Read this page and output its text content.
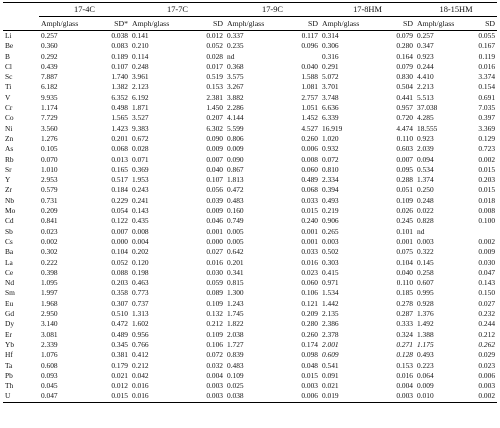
	17-4C		17-7C		17-9C		17-8HM		18-15HM	
	Amph/glass	SD*	Amph/glass	SD	Amph/glass	SD	Amph/glass	SD	Amph/glass	SD
Li	0.257	0.038	0.141	0.012	0.337	0.117	0.314	0.079	0.257	0.055
Be	0.360	0.083	0.210	0.052	0.235	0.096	0.306	0.280	0.347	0.167
B	0.292	0.189	0.114	0.028	nd		0.316	0.164	0.923	0.119
Cl	0.439	0.107	0.248	0.017	0.368	0.040	0.291	0.079	0.244	0.016
Sc	7.887	1.740	3.961	0.519	3.575	1.588	5.072	0.830	4.410	3.374
Ti	6.182	1.382	2.123	0.153	3.267	1.081	3.701	0.504	2.213	0.154
V	9.935	6.352	6.192	2.381	3.882	2.757	3.748	0.441	5.513	0.691
Cr	1.174	0.498	1.871	1.450	2.286	1.051	6.636	0.957	37.038	7.035
Co	7.729	1.565	3.527	0.207	4.144	1.452	6.339	0.720	4.285	0.397
Ni	3.560	1.423	9.383	6.302	5.599	4.527	16.919	4.474	18.555	3.369
Zn	1.276	0.201	0.672	0.090	0.806	0.260	1.020	0.110	0.923	0.129
As	0.105	0.068	0.028	0.009	0.009	0.006	0.932	0.603	2.039	0.723
Rb	0.070	0.013	0.071	0.007	0.090	0.008	0.072	0.007	0.094	0.002
Sr	1.010	0.165	0.369	0.040	0.867	0.060	0.810	0.095	0.534	0.015
Y	2.953	0.517	1.953	0.107	1.813	0.489	2.334	0.288	1.374	0.203
Zr	0.579	0.184	0.243	0.056	0.472	0.068	0.394	0.051	0.250	0.015
Nb	0.731	0.229	0.241	0.039	0.483	0.033	0.493	0.109	0.248	0.018
Mo	0.209	0.054	0.143	0.009	0.160	0.015	0.219	0.026	0.022	0.008
Cd	0.841	0.122	0.435	0.046	0.749	0.240	0.906	0.245	0.828	0.100
Sb	0.023	0.007	0.008	0.001	0.005	0.001	0.265	0.101	nd	
Cs	0.002	0.000	0.004	0.000	0.005	0.001	0.003	0.001	0.003	0.002
Ba	0.302	0.104	0.202	0.027	0.642	0.033	0.502	0.075	0.322	0.009
La	0.222	0.052	0.120	0.016	0.201	0.016	0.303	0.104	0.145	0.030
Ce	0.398	0.088	0.198	0.030	0.341	0.023	0.415	0.040	0.258	0.047
Nd	1.095	0.203	0.463	0.059	0.815	0.060	0.971	0.110	0.607	0.143
Sm	1.997	0.358	0.773	0.089	1.300	0.106	1.534	0.185	0.995	0.150
Eu	1.968	0.307	0.737	0.109	1.243	0.121	1.442	0.278	0.928	0.027
Gd	2.950	0.510	1.313	0.132	1.745	0.209	2.135	0.287	1.376	0.232
Dy	3.140	0.472	1.602	0.212	1.822	0.280	2.386	0.333	1.492	0.244
Er	3.081	0.489	0.956	0.109	2.038	0.260	2.378	0.324	1.388	0.212
Yb	2.339	0.345	0.766	0.106	1.727	0.174	2.001	0.271	1.175	0.262
Hf	1.076	0.381	0.412	0.072	0.839	0.098	0.609	0.128	0.493	0.029
Ta	0.608	0.179	0.212	0.032	0.483	0.048	0.541	0.153	0.223	0.023
Pb	0.093	0.021	0.042	0.004	0.109	0.015	0.091	0.016	0.064	0.006
Th	0.045	0.012	0.016	0.003	0.025	0.003	0.021	0.004	0.009	0.003
U	0.047	0.015	0.016	0.003	0.038	0.006	0.019	0.003	0.010	0.002
